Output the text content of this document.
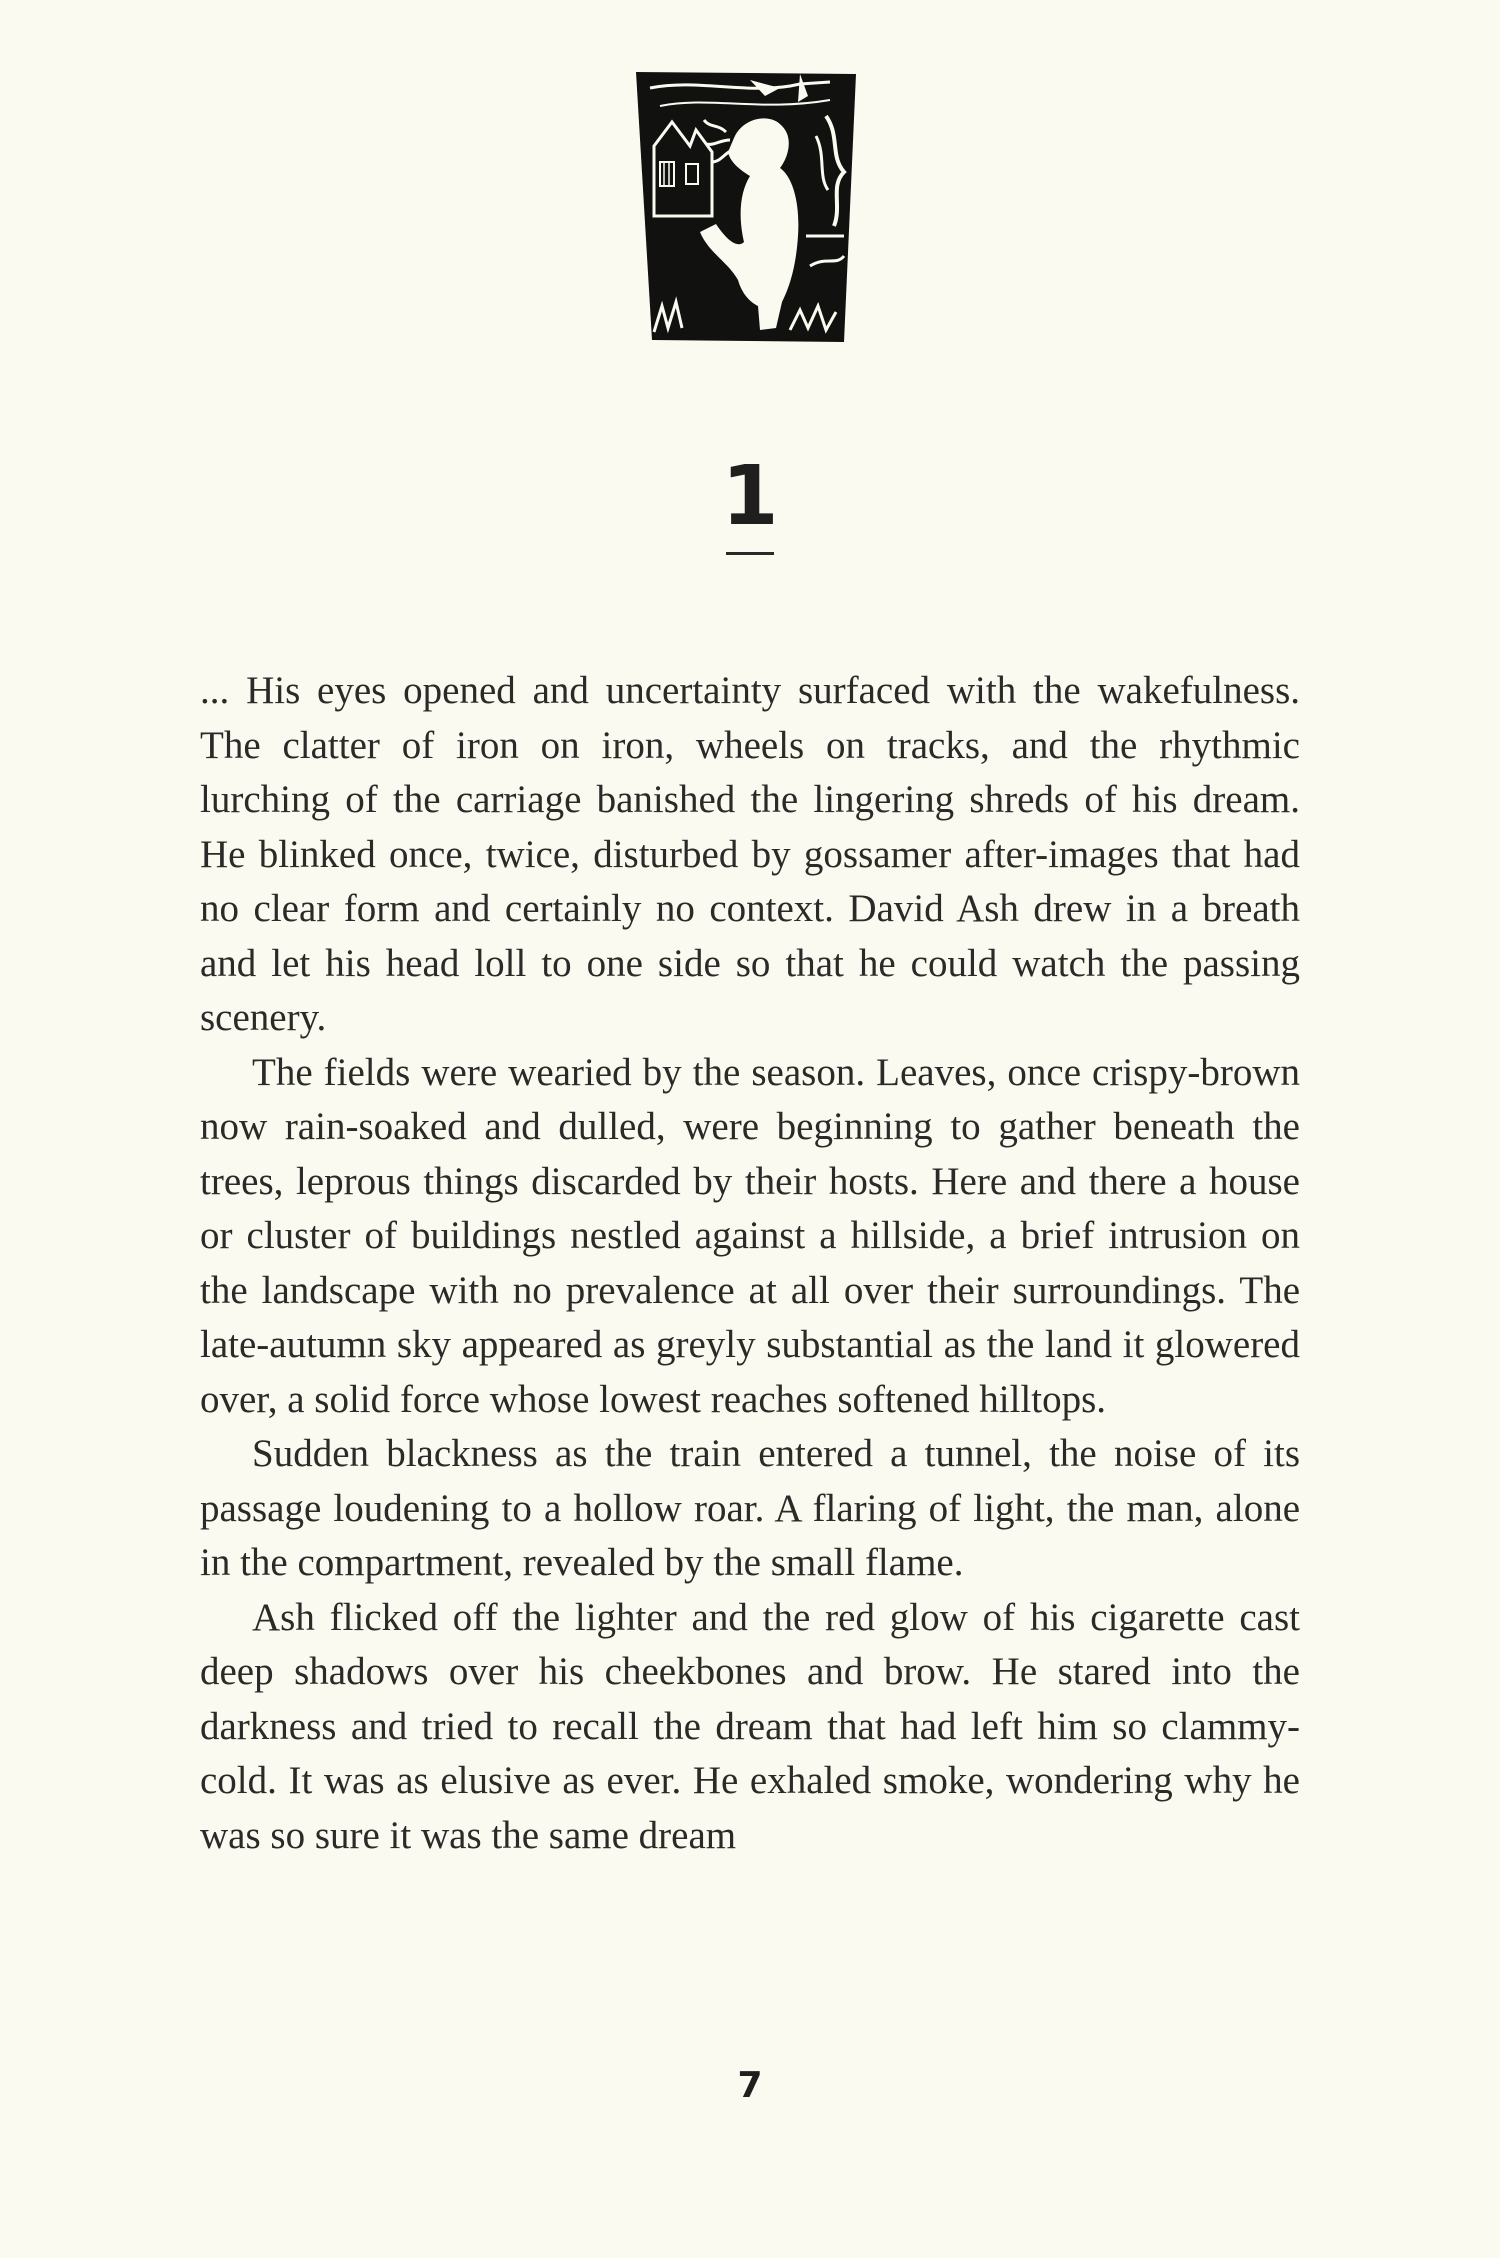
1

... His eyes opened and uncertainty surfaced with the wakefulness. The clatter of iron on iron, wheels on tracks, and the rhythmic lurching of the carriage banished the lingering shreds of his dream. He blinked once, twice, disturbed by gossamer after-images that had no clear form and certainly no context. David Ash drew in a breath and let his head loll to one side so that he could watch the passing scenery.

The fields were wearied by the season. Leaves, once crispy-brown now rain-soaked and dulled, were beginning to gather beneath the trees, leprous things discarded by their hosts. Here and there a house or cluster of buildings nestled against a hillside, a brief intrusion on the landscape with no prevalence at all over their surroundings. The late-autumn sky appeared as greyly substantial as the land it glowered over, a solid force whose lowest reaches softened hilltops.

Sudden blackness as the train entered a tunnel, the noise of its passage loudening to a hollow roar. A flaring of light, the man, alone in the compartment, revealed by the small flame.

Ash flicked off the lighter and the red glow of his cigarette cast deep shadows over his cheekbones and brow. He stared into the darkness and tried to recall the dream that had left him so clammy-cold. It was as elusive as ever. He exhaled smoke, wondering why he was so sure it was the same dream

7
